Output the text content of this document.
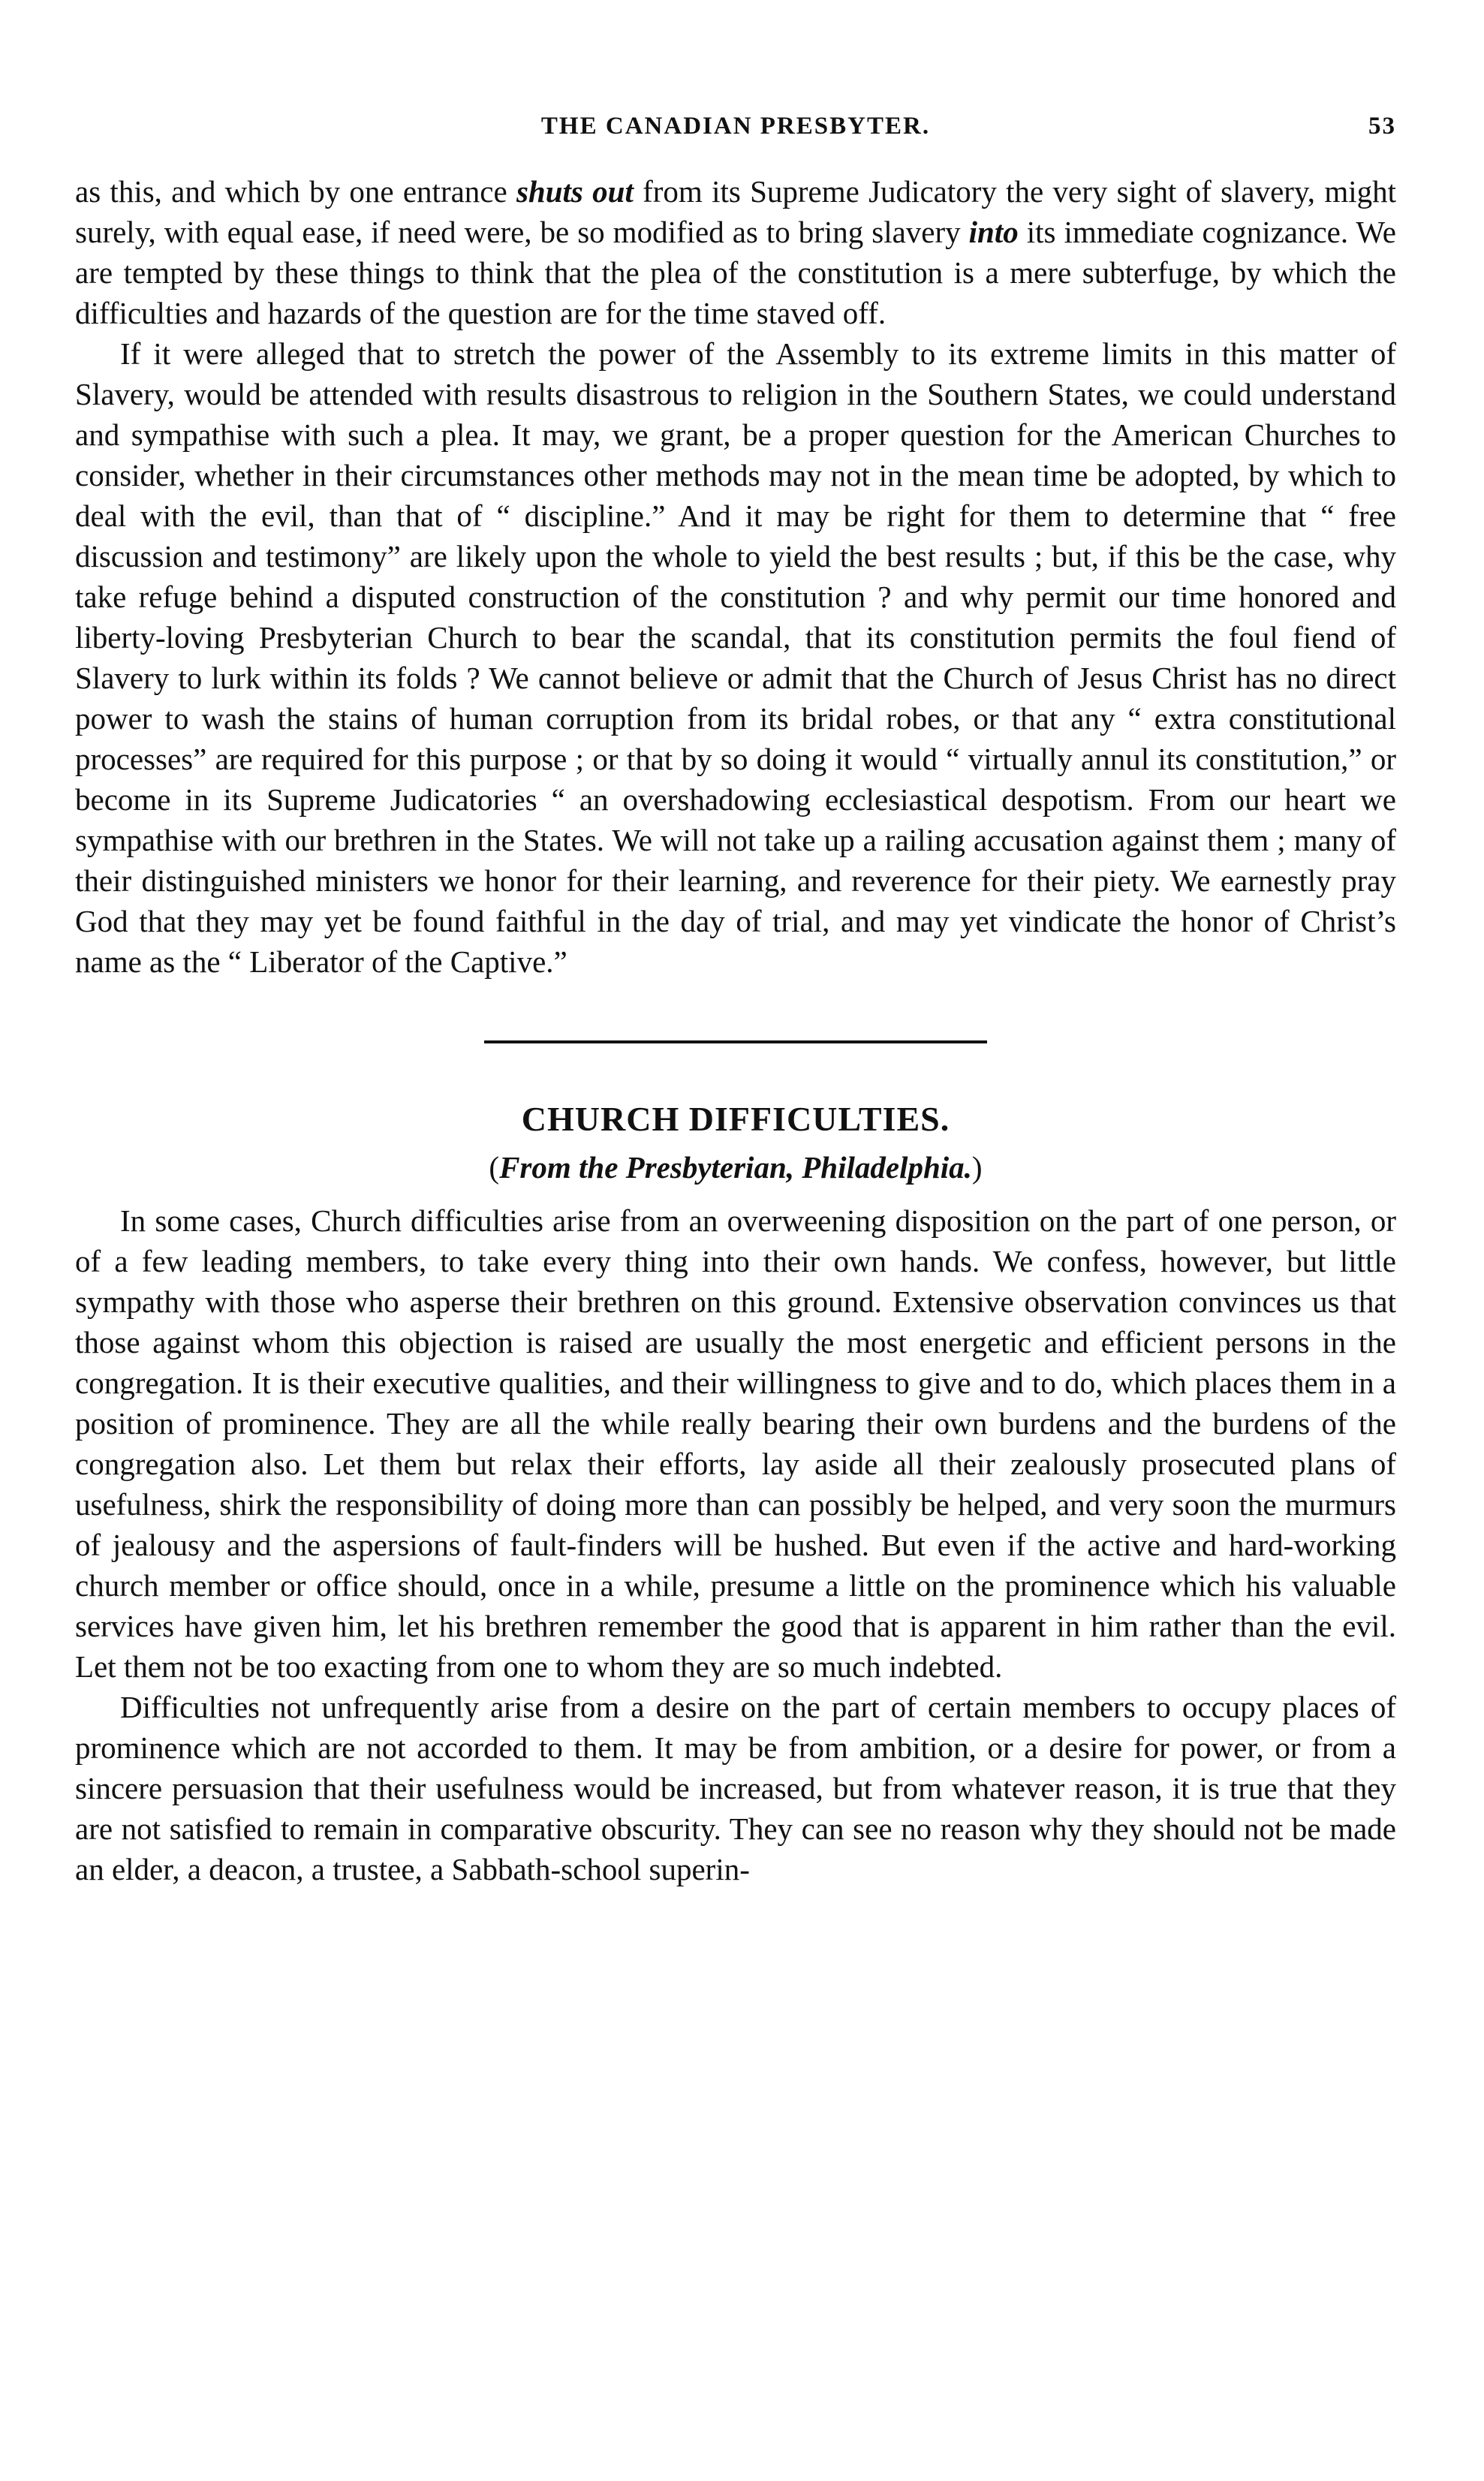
THE CANADIAN PRESBYTER.	53

as this, and which by one entrance shuts out from its Supreme Judicatory the very sight of slavery, might surely, with equal ease, if need were, be so modified as to bring slavery into its immediate cognizance. We are tempted by these things to think that the plea of the constitution is a mere subterfuge, by which the difficulties and hazards of the question are for the time staved off.

If it were alleged that to stretch the power of the Assembly to its extreme limits in this matter of Slavery, would be attended with results disastrous to religion in the Southern States, we could understand and sympathise with such a plea. It may, we grant, be a proper question for the American Churches to consider, whether in their circumstances other methods may not in the mean time be adopted, by which to deal with the evil, than that of “ discipline.” And it may be right for them to determine that “ free discussion and testimony” are likely upon the whole to yield the best results ; but, if this be the case, why take refuge behind a disputed construction of the constitution ? and why permit our time honored and liberty-loving Presbyterian Church to bear the scandal, that its constitution permits the foul fiend of Slavery to lurk within its folds ? We cannot believe or admit that the Church of Jesus Christ has no direct power to wash the stains of human corruption from its bridal robes, or that any “ extra constitutional processes” are required for this purpose ; or that by so doing it would “ virtually annul its constitution,” or become in its Supreme Judicatories “ an overshadowing ecclesiastical despotism. From our heart we sympathise with our brethren in the States. We will not take up a railing accusation against them ; many of their distinguished ministers we honor for their learning, and reverence for their piety. We earnestly pray God that they may yet be found faithful in the day of trial, and may yet vindicate the honor of Christ’s name as the “ Liberator of the Captive.”

CHURCH DIFFICULTIES.

(From the Presbyterian, Philadelphia.)

In some cases, Church difficulties arise from an overweening disposition on the part of one person, or of a few leading members, to take every thing into their own hands. We confess, however, but little sympathy with those who asperse their brethren on this ground. Extensive observation convinces us that those against whom this objection is raised are usually the most energetic and efficient persons in the congregation. It is their executive qualities, and their willingness to give and to do, which places them in a position of prominence. They are all the while really bearing their own burdens and the burdens of the congregation also. Let them but relax their efforts, lay aside all their zealously prosecuted plans of usefulness, shirk the responsibility of doing more than can possibly be helped, and very soon the murmurs of jealousy and the aspersions of fault-finders will be hushed. But even if the active and hard-working church member or office should, once in a while, presume a little on the prominence which his valuable services have given him, let his brethren remember the good that is apparent in him rather than the evil. Let them not be too exacting from one to whom they are so much indebted.

Difficulties not unfrequently arise from a desire on the part of certain members to occupy places of prominence which are not accorded to them. It may be from ambition, or a desire for power, or from a sincere persuasion that their usefulness would be increased, but from whatever reason, it is true that they are not satisfied to remain in comparative obscurity. They can see no reason why they should not be made an elder, a deacon, a trustee, a Sabbath-school superin-
